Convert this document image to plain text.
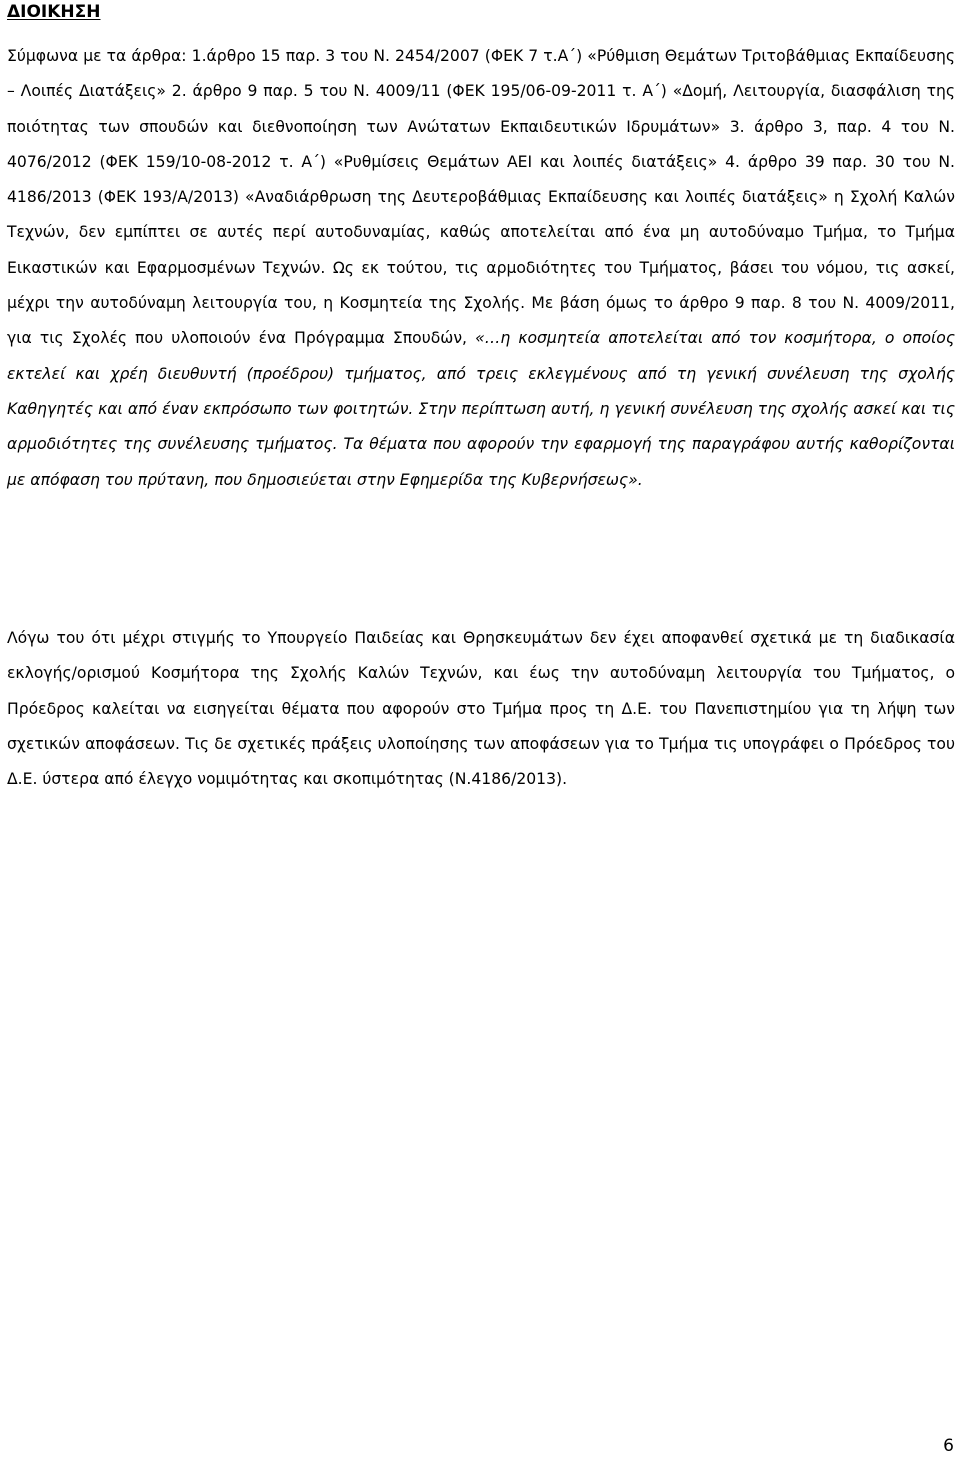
ΔΙΟΙΚΗΣΗ

Σύμφωνα με τα άρθρα: 1.άρθρο 15 παρ. 3 του Ν. 2454/2007 (ΦΕΚ 7 τ.Α΄) «Ρύθμιση Θεμάτων Τριτοβάθμιας Εκπαίδευσης – Λοιπές Διατάξεις» 2. άρθρο 9 παρ. 5 του Ν. 4009/11 (ΦΕΚ 195/06-09-2011 τ. Α΄) «Δομή, Λειτουργία, διασφάλιση της ποιότητας των σπουδών και διεθνοποίηση των Ανώτατων Εκπαιδευτικών Ιδρυμάτων» 3. άρθρο 3, παρ. 4 του Ν. 4076/2012 (ΦΕΚ 159/10-08-2012 τ. Α΄) «Ρυθμίσεις Θεμάτων ΑΕΙ και λοιπές διατάξεις» 4. άρθρο 39 παρ. 30 του Ν. 4186/2013 (ΦΕΚ 193/Α/2013) «Αναδιάρθρωση της Δευτεροβάθμιας Εκπαίδευσης και λοιπές διατάξεις» η Σχολή Καλών Τεχνών, δεν εμπίπτει σε αυτές περί αυτοδυναμίας, καθώς αποτελείται από ένα μη αυτοδύναμο Τμήμα, το Τμήμα Εικαστικών και Εφαρμοσμένων Τεχνών. Ως εκ τούτου, τις αρμοδιότητες του Τμήματος, βάσει του νόμου, τις ασκεί, μέχρι την αυτοδύναμη λειτουργία του, η Κοσμητεία της Σχολής. Με βάση όμως το άρθρο 9 παρ. 8 του Ν. 4009/2011, για τις Σχολές που υλοποιούν ένα Πρόγραμμα Σπουδών, «…η κοσμητεία αποτελείται από τον κοσμήτορα, ο οποίος εκτελεί και χρέη διευθυντή (προέδρου) τμήματος, από τρεις εκλεγμένους από τη γενική συνέλευση της σχολής Καθηγητές και από έναν εκπρόσωπο των φοιτητών. Στην περίπτωση αυτή, η γενική συνέλευση της σχολής ασκεί και τις αρμοδιότητες της συνέλευσης τμήματος. Τα θέματα που αφορούν την εφαρμογή της παραγράφου αυτής καθορίζονται με απόφαση του πρύτανη, που δημοσιεύεται στην Εφημερίδα της Κυβερνήσεως».

Λόγω του ότι μέχρι στιγμής το Υπουργείο Παιδείας και Θρησκευμάτων δεν έχει αποφανθεί σχετικά με τη διαδικασία εκλογής/ορισμού Κοσμήτορα της Σχολής Καλών Τεχνών, και έως την αυτοδύναμη λειτουργία του Τμήματος, ο Πρόεδρος καλείται να εισηγείται θέματα που αφορούν στο Τμήμα προς τη Δ.Ε. του Πανεπιστημίου για τη λήψη των σχετικών αποφάσεων. Τις δε σχετικές πράξεις υλοποίησης των αποφάσεων για το Τμήμα τις υπογράφει ο Πρόεδρος του Δ.Ε. ύστερα από έλεγχο νομιμότητας και σκοπιμότητας (Ν.4186/2013).

6
